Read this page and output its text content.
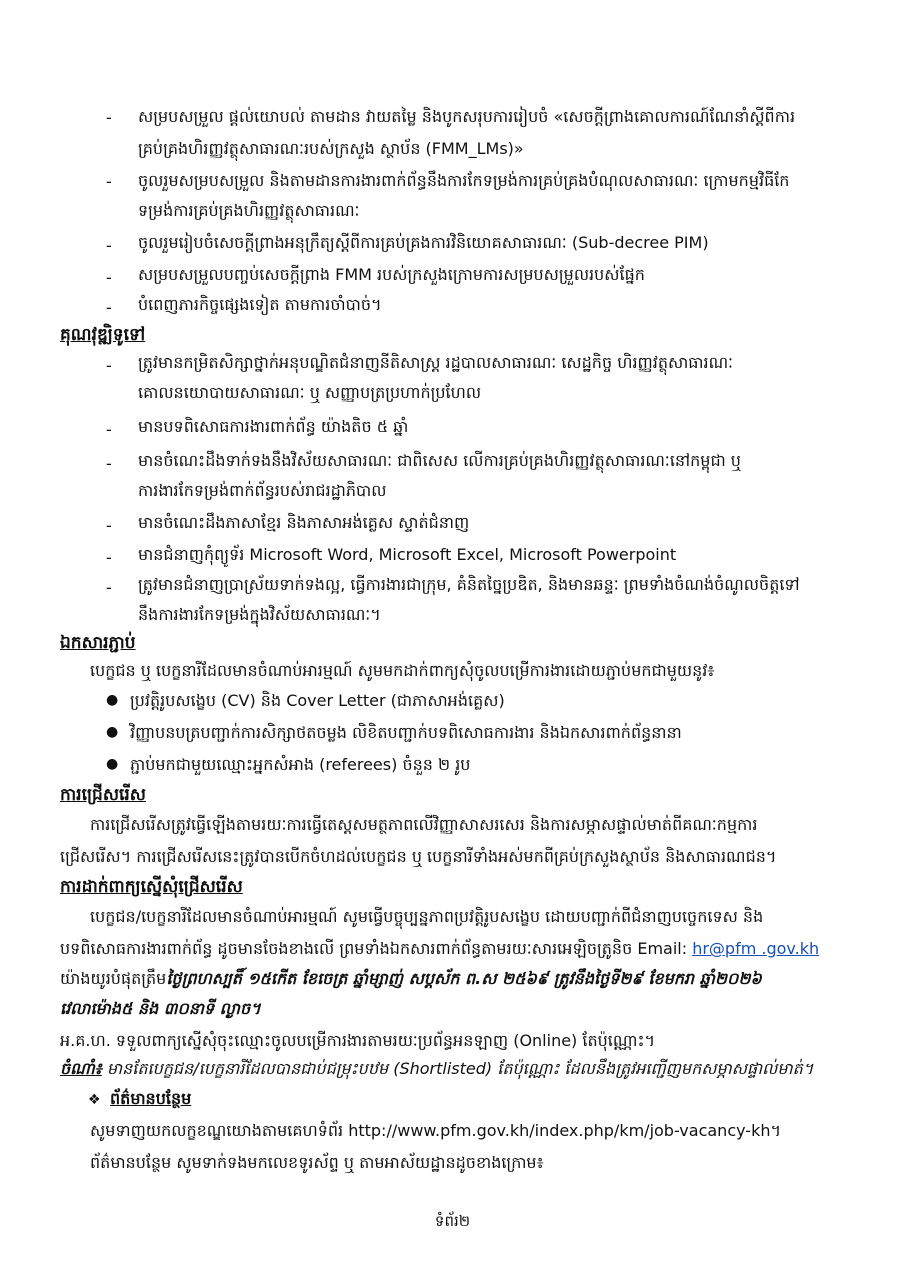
- សម្របសម្រួល ផ្តល់យោបល់ តាមដាន វាយតម្លៃ និងបូកសរុបការរៀបចំ «សេចក្តីព្រាងគោលការណ៍ណែនាំស្តីពីការ
គ្រប់គ្រងហិរញ្ញវត្ថុសាធារណៈរបស់ក្រសួង ស្ថាប័ន (FMM_LMs)»
- ចូលរួមសម្របសម្រួល និងតាមដានការងារពាក់ព័ន្ធនឹងការកែទម្រង់ការគ្រប់គ្រងបំណុលសាធារណៈ ក្រោមកម្មវិធីកែ
ទម្រង់ការគ្រប់គ្រងហិរញ្ញវត្ថុសាធារណៈ
- ចូលរួមរៀបចំសេចក្តីព្រាងអនុក្រឹត្យស្តីពីការគ្រប់គ្រងការវិនិយោគសាធារណៈ (Sub-decree PIM)
- សម្របសម្រួលបញ្ចប់សេចក្តីព្រាង FMM របស់ក្រសួងក្រោមការសម្របសម្រួលរបស់ផ្នែក
- បំពេញភារកិច្ចផ្សេងទៀត តាមការចាំបាច់។
គុណវុឌ្ឍិទូទៅ
- ត្រូវមានកម្រិតសិក្សាថ្នាក់អនុបណ្ឌិតជំនាញនីតិសាស្ត្រ រដ្ឋបាលសាធារណៈ សេដ្ឋកិច្ច ហិរញ្ញវត្ថុសាធារណៈ
គោលនយោបាយសាធារណៈ ឬ សញ្ញាបត្រប្រហាក់ប្រហែល
- មានបទពិសោធការងារពាក់ព័ន្ធ យ៉ាងតិច ៥ ឆ្នាំ
- មានចំណេះដឹងទាក់ទងនឹងវិស័យសាធារណៈ ជាពិសេស លើការគ្រប់គ្រងហិរញ្ញវត្ថុសាធារណៈនៅកម្ពុជា ឬ
ការងារកែទម្រង់ពាក់ព័ន្ធរបស់រាជរដ្ឋាភិបាល
- មានចំណេះដឹងភាសាខ្មែរ និងភាសាអង់គ្លេស ស្ទាត់ជំនាញ
- មានជំនាញកុំព្យូទ័រ Microsoft Word, Microsoft Excel, Microsoft Powerpoint
- ត្រូវមានជំនាញប្រាស្រ័យទាក់ទងល្អ, ធ្វើការងារជាក្រុម, គំនិតច្នៃប្រឌិត, និងមានឆន្ទៈ ព្រមទាំងចំណង់ចំណូលចិត្តទៅ
នឹងការងារកែទម្រង់ក្នុងវិស័យសាធារណៈ។
ឯកសារភ្ជាប់
បេក្ខជន ឬ បេក្ខនារីដែលមានចំណាប់អារម្មណ៍ សូមមកដាក់ពាក្យសុំចូលបម្រើការងារដោយភ្ជាប់មកជាមួយនូវ៖
● ប្រវត្តិរូបសង្ខេប (CV) និង Cover Letter (ជាភាសាអង់គ្លេស)
● វិញ្ញាបនបត្របញ្ជាក់ការសិក្សាថតចម្លង លិខិតបញ្ជាក់បទពិសោធការងារ និងឯកសារពាក់ព័ន្ធនានា
● ភ្ជាប់មកជាមួយឈ្មោះអ្នកសំអាង (referees) ចំនួន ២ រូប
ការជ្រើសរើស
ការជ្រើសរើសត្រូវធ្វើឡើងតាមរយៈការធ្វើតេស្តសមត្ថភាពលើវិញ្ញាសាសរសេរ និងការសម្ភាសផ្ទាល់មាត់ពីគណៈកម្មការ
ជ្រើសរើស។ ការជ្រើសរើសនេះត្រូវបានបើកចំហដល់បេក្ខជន ឬ បេក្ខនារីទាំងអស់មកពីគ្រប់ក្រសួងស្ថាប័ន និងសាធារណជន។
ការដាក់ពាក្យស្នើសុំជ្រើសរើស
បេក្ខជន/បេក្ខនារីដែលមានចំណាប់អារម្មណ៍ សូមធ្វើបច្ចុប្បន្នភាពប្រវត្តិរូបសង្ខេប ដោយបញ្ជាក់ពីជំនាញបច្ចេកទេស និង
បទពិសោធការងារពាក់ព័ន្ធ ដូចមានចែងខាងលើ ព្រមទាំងឯកសារពាក់ព័ន្ធតាមរយៈសារអេឡិចត្រូនិច Email: hr@pfm .gov.kh
យ៉ាងយូរបំផុតត្រឹមថ្ងៃព្រហស្បតិ៍ ១៥កើត ខែចេត្រ ឆ្នាំម្សាញ់ សប្តស័ក ព.ស ២៥៦៩ ត្រូវនឹងថ្ងៃទី២៩ ខែមករា ឆ្នាំ២០២៦
វេលាម៉ោង៥ និង ៣០នាទី ល្ងាច។
អ.គ.ហ. ទទួលពាក្យស្នើសុំចុះឈ្មោះចូលបម្រើការងារតាមរយៈប្រព័ន្ធអនឡាញ (Online) តែប៉ុណ្ណោះ។
ចំណាំ៖ មានតែបេក្ខជន/បេក្ខនារីដែលបានជាប់ជម្រុះបឋម (Shortlisted) តែប៉ុណ្ណោះ ដែលនឹងត្រូវអញ្ជើញមកសម្ភាសផ្ទាល់មាត់។
❖ ព័ត៌មានបន្ថែម
សូមទាញយកលក្ខខណ្ឌយោងតាមគេហទំព័រ http://www.pfm.gov.kh/index.php/km/job-vacancy-kh។
ព័ត៌មានបន្ថែម សូមទាក់ទងមកលេខទូរស័ព្ទ ឬ តាមអាស័យដ្ឋានដូចខាងក្រោម៖
ទំព័រ២
